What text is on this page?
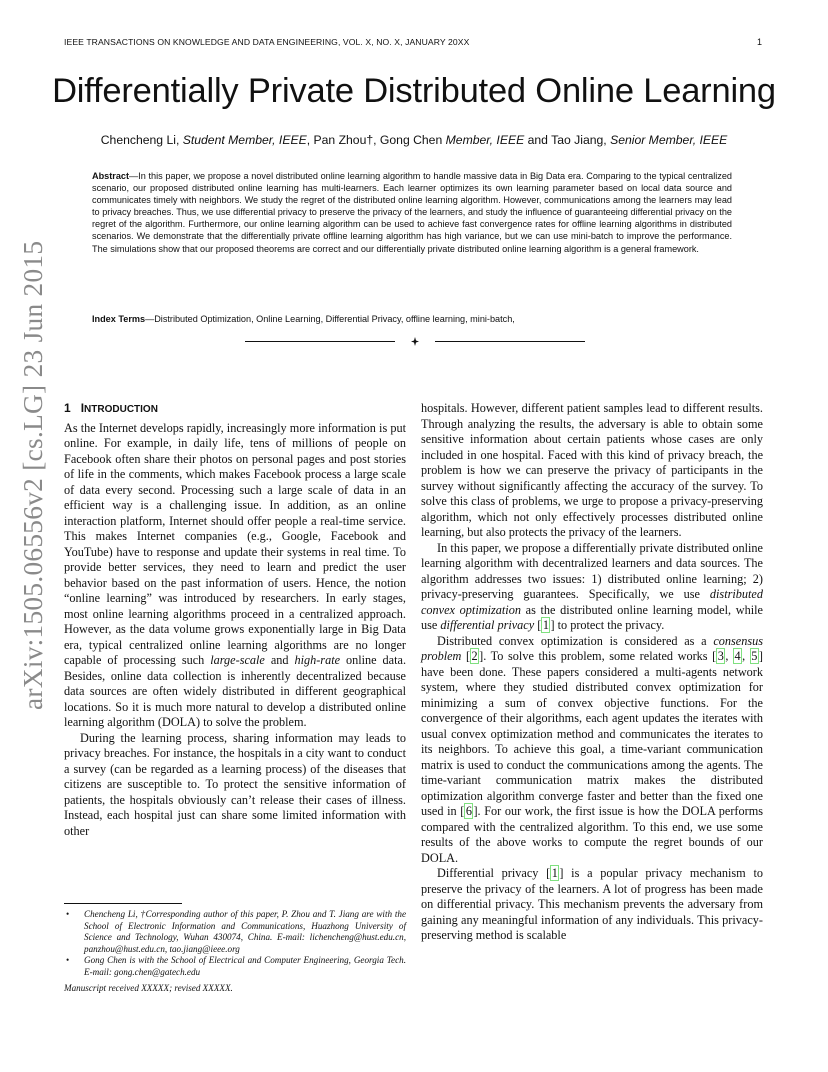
IEEE TRANSACTIONS ON KNOWLEDGE AND DATA ENGINEERING, VOL. X, NO. X, JANUARY 20XX	1
Differentially Private Distributed Online Learning
Chencheng Li, Student Member, IEEE, Pan Zhou†, Gong Chen Member, IEEE and Tao Jiang, Senior Member, IEEE
Abstract—In this paper, we propose a novel distributed online learning algorithm to handle massive data in Big Data era. Comparing to the typical centralized scenario, our proposed distributed online learning has multi-learners. Each learner optimizes its own learning parameter based on local data source and communicates timely with neighbors. We study the regret of the distributed online learning algorithm. However, communications among the learners may lead to privacy breaches. Thus, we use differential privacy to preserve the privacy of the learners, and study the influence of guaranteeing differential privacy on the regret of the algorithm. Furthermore, our online learning algorithm can be used to achieve fast convergence rates for offline learning algorithms in distributed scenarios. We demonstrate that the differentially private offline learning algorithm has high variance, but we can use mini-batch to improve the performance. The simulations show that our proposed theorems are correct and our differentially private distributed online learning algorithm is a general framework.
Index Terms—Distributed Optimization, Online Learning, Differential Privacy, offline learning, mini-batch,
arXiv:1505.06556v2 [cs.LG] 23 Jun 2015 1 INTRODUCTION

As the Internet develops rapidly, increasingly more information is put online. For example, in daily life, tens of millions of people on Facebook often share their photos on personal pages and post stories of life in the comments, which makes Facebook process a large scale of data every second. Processing such a large scale of data in an efficient way is a challenging issue. In addition, as an online interaction platform, Internet should offer people a real-time service. This makes Internet companies (e.g., Google, Facebook and YouTube) have to response and update their systems in real time. To provide better services, they need to learn and predict the user behavior based on the past information of users. Hence, the notion “online learning” was introduced by researchers. In early stages, most online learning algorithms proceed in a centralized approach. However, as the data volume grows exponentially large in Big Data era, typical centralized online learning algorithms are no longer capable of processing such large-scale and high-rate online data. Besides, online data collection is inherently decentralized because data sources are often widely distributed in different geographical locations. So it is much more natural to develop a distributed online learning algorithm (DOLA) to solve the problem.

During the learning process, sharing information may leads to privacy breaches. For instance, the hospitals in a city want to conduct a survey (can be regarded as a learning process) of the diseases that citizens are susceptible to. To protect the sensitive information of patients, the hospitals obviously can’t release their cases of illness. Instead, each hospital just can share some limited information with other

hospitals. However, different patient samples lead to different results. Through analyzing the results, the adversary is able to obtain some sensitive information about certain patients whose cases are only included in one hospital. Faced with this kind of privacy breach, the problem is how we can preserve the privacy of participants in the survey without significantly affecting the accuracy of the survey. To solve this class of problems, we urge to propose a privacy-preserving algorithm, which not only effectively processes distributed online learning, but also protects the privacy of the learners.

In this paper, we propose a differentially private distributed online learning algorithm with decentralized learners and data sources. The algorithm addresses two issues: 1) distributed online learning; 2) privacy-preserving guarantees. Specifically, we use distributed convex optimization as the distributed online learning model, while use differential privacy [ 1 ] to protect the privacy.

Distributed convex optimization is considered as a consensus problem [ 2 ]. To solve this problem, some related works [ 3 , 4 , 5 ] have been done. These papers considered a multi-agents network system, where they studied distributed convex optimization for minimizing a sum of convex objective functions. For the convergence of their algorithms, each agent updates the iterates with usual convex optimization method and communicates the iterates to its neighbors. To achieve this goal, a time-variant communication matrix is used to conduct the communications among the agents. The time-variant communication matrix makes the distributed optimization algorithm converge faster and better than the fixed one used in [ 6 ]. For our work, the first issue is how the DOLA performs compared with the centralized algorithm. To this end, we use some results of the above works to compute the regret bounds of our DOLA.

Differential privacy [ 1 ] is a popular privacy mechanism to preserve the privacy of the learners. A lot of progress has been made on differential privacy. This mechanism prevents the adversary from gaining any meaningful information of any individuals. This privacy-preserving method is scalable

• Chencheng Li, †Corresponding author of this paper, P. Zhou and T. Jiang are with the School of Electronic Information and Communications, Huazhong University of Science and Technology, Wuhan 430074, China. E-mail: lichencheng@hust.edu.cn, panzhou@hust.edu.cn, tao.jiang@ieee.org
• Gong Chen is with the School of Electrical and Computer Engineering, Georgia Tech. E-mail: gong.chen@gatech.edu
Manuscript received XXXXX; revised XXXXX.
